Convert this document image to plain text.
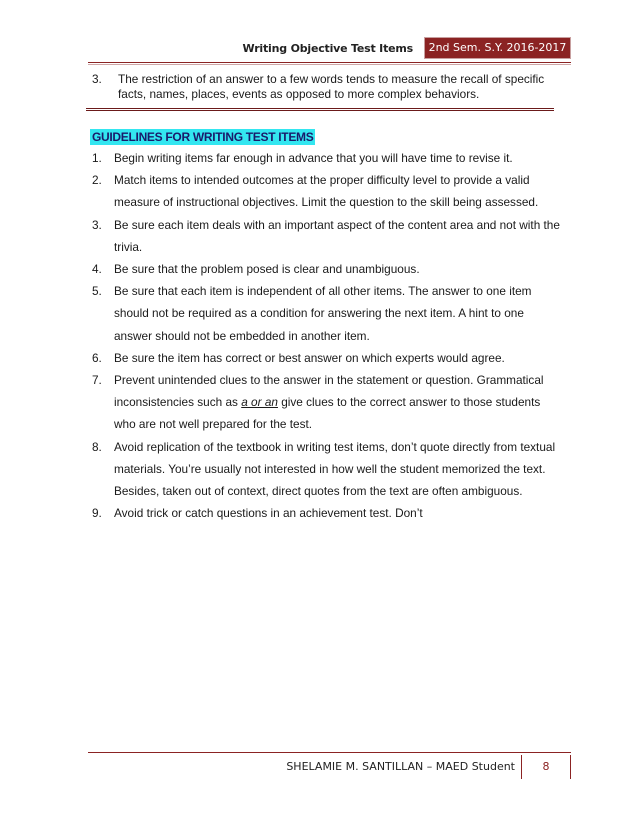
Writing Objective Test Items	2nd Sem. S.Y. 2016-2017
3. The restriction of an answer to a few words tends to measure the recall of specific facts, names, places, events as opposed to more complex behaviors.
GUIDELINES FOR WRITING TEST ITEMS
1. Begin writing items far enough in advance that you will have time to revise it.
2. Match items to intended outcomes at the proper difficulty level to provide a valid measure of instructional objectives. Limit the question to the skill being assessed.
3. Be sure each item deals with an important aspect of the content area and not with the trivia.
4. Be sure that the problem posed is clear and unambiguous.
5. Be sure that each item is independent of all other items. The answer to one item should not be required as a condition for answering the next item. A hint to one answer should not be embedded in another item.
6. Be sure the item has correct or best answer on which experts would agree.
7. Prevent unintended clues to the answer in the statement or question. Grammatical inconsistencies such as a or an give clues to the correct answer to those students who are not well prepared for the test.
8. Avoid replication of the textbook in writing test items, don’t quote directly from textual materials. You’re usually not interested in how well the student memorized the text. Besides, taken out of context, direct quotes from the text are often ambiguous.
9. Avoid trick or catch questions in an achievement test. Don’t
SHELAMIE M. SANTILLAN – MAED Student	8
